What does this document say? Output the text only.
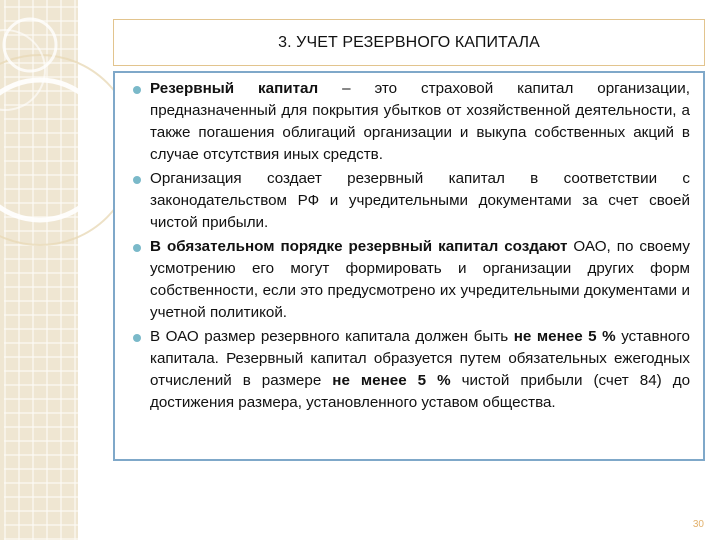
3. УЧЕТ РЕЗЕРВНОГО КАПИТАЛА
Резервный капитал – это страховой капитал организации, предназначенный для покрытия убытков от хозяйственной деятельности, а также погашения облигаций организации и выкупа собственных акций в случае отсутствия иных средств.
Организация создает резервный капитал в соответствии с законодательством РФ и учредительными документами за счет своей чистой прибыли.
В обязательном порядке резервный капитал создают ОАО, по своему усмотрению его могут формировать и организации других форм собственности, если это предусмотрено их учредительными документами и учетной политикой.
В ОАО размер резервного капитала должен быть не менее 5 % уставного капитала. Резервный капитал образуется путем обязательных ежегодных отчислений в размере не менее 5 % чистой прибыли (счет 84) до достижения размера, установленного уставом общества.
30
